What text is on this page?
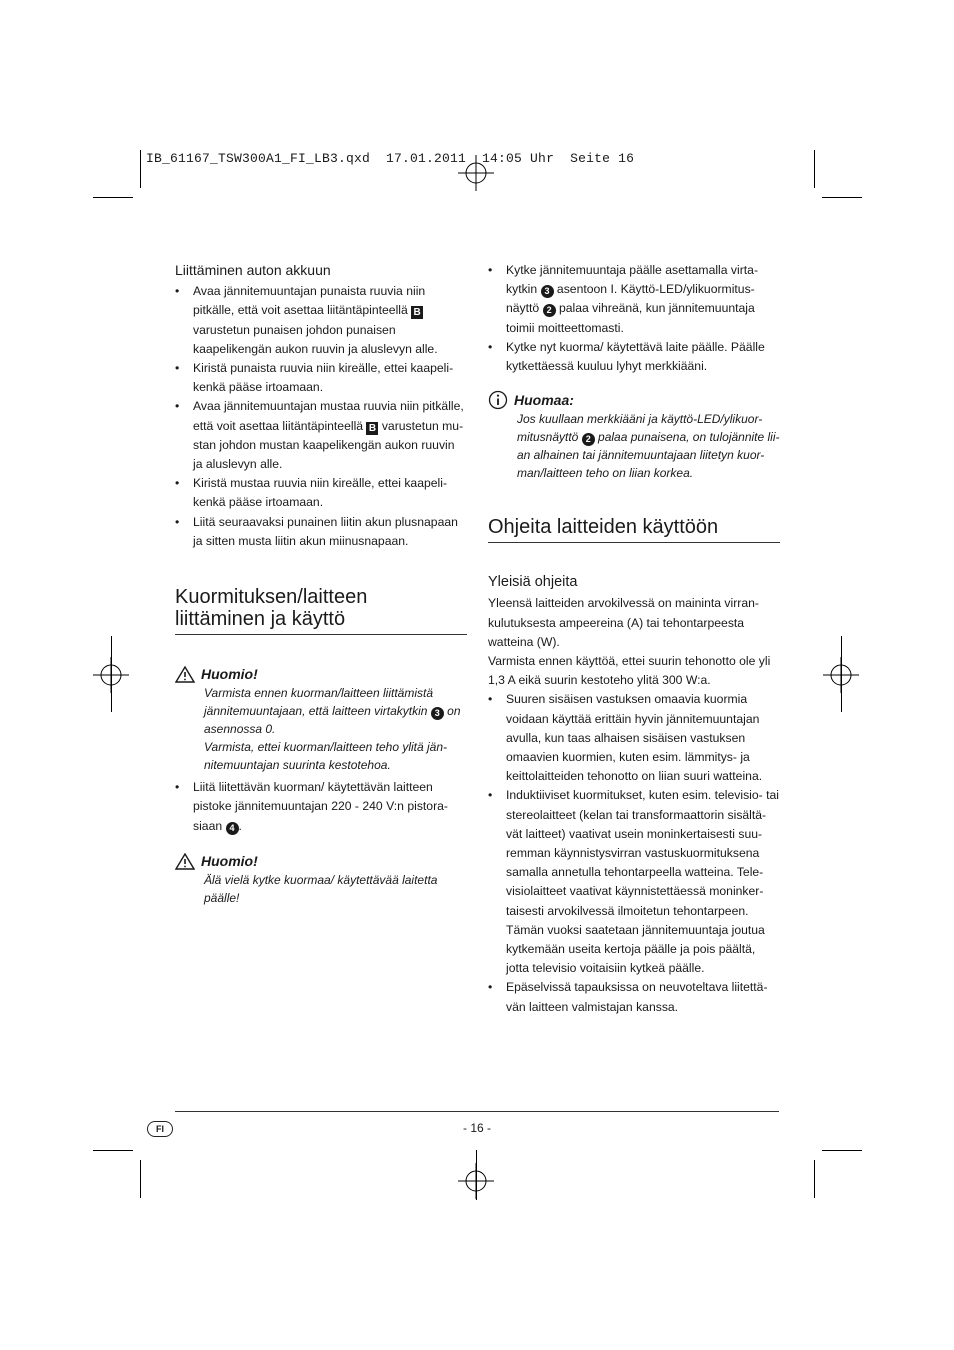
IB_61167_TSW300A1_FI_LB3.qxd  17.01.2011  14:05 Uhr  Seite 16
Liittäminen auton akkuun
• Avaa jännitemuuntajan punaista ruuvia niin pitkälle, että voit asettaa liitäntäpinteellä B varustetun punaisen johdon punaisen kaapelikengän aukon ruuvin ja aluslevyn alle.
• Kiristä punaista ruuvia niin kireälle, ettei kaapeli-kenkä pääse irtoamaan.
• Avaa jännitemuuntajan mustaa ruuvia niin pitkälle, että voit asettaa liitäntäpinteellä B varustetun mu-stan johdon mustan kaapelikengän aukon ruuvin ja aluslevyn alle.
• Kiristä mustaa ruuvia niin kireälle, ettei kaapeli-kenkä pääse irtoamaan.
• Liitä seuraavaksi punainen liitin akun plusnapaan ja sitten musta liitin akun miinusnapaan.
Kuormituksen/laitteen
liittäminen ja käyttö
Huomio!
Varmista ennen kuorman/laitteen liittämistä jännitemuuntajaan, että laitteen virtakytkin 3 on asennossa 0.
Varmista, ettei kuorman/laitteen teho ylitä jän-nitemuuntajan suurinta kestotehoa.
• Liitä liitettävän kuorman/ käytettävän laitteen pistoke jännitemuuntajan 220 - 240 V:n pistora-siaan 4 .
Huomio!
Älä vielä kytke kuormaa/ käytettävää laitetta päälle!
• Kytke jännitemuuntaja päälle asettamalla virta-kytkin 3 asentoon I. Käyttö-LED/ylikuormitus-näyttö 2 palaa vihreänä, kun jännitemuuntaja toimii moitteettomasti.
• Kytke nyt kuorma/ käytettävä laite päälle. Päälle kytkettäessä kuuluu lyhyt merkkiääni.
Huomaa:
Jos kuullaan merkkiääni ja käyttö-LED/ylikuor-mitusnäyttö 2 palaa punaisena, on tulojännite lii-an alhainen tai jännitemuuntajaan liitetyn kuor-man/laitteen teho on liian korkea.
Ohjeita laitteiden käyttöön
Yleisiä ohjeita
Yleensä laitteiden arvokilvessä on maininta virran-kulutuksesta ampeereina (A) tai tehontarpeesta watteina (W).
Varmista ennen käyttöä, ettei suurin tehonotto ole yli 1,3 A eikä suurin kestoteho ylitä 300 W:a.
• Suuren sisäisen vastuksen omaavia kuormia voidaan käyttää erittäin hyvin jännitemuuntajan avulla, kun taas alhaisen sisäisen vastuksen omaavien kuormien, kuten esim. lämmitys- ja keittolaitteiden tehonotto on liian suuri watteina.
• Induktiiviset kuormitukset, kuten esim. televisio- tai stereolaitteet (kelan tai transformaattorin sisältä-vät laitteet) vaativat usein moninkertaisesti suu-remman käynnistysvirran vastuskuormituksena samalla annetulla tehontarpeella watteina. Tele-visiolaitteet vaativat käynnistettäessä moninker-taisesti arvokilvessä ilmoitetun tehontarpeen. Tämän vuoksi saatetaan jännitemuuntaja joutua kytkemään useita kertoja päälle ja pois päältä, jotta televisio voitaisiin kytkeä päälle.
• Epäselvissä tapauksissa on neuvoteltava liitettä-vän laitteen valmistajan kanssa.
FI	- 16 -
